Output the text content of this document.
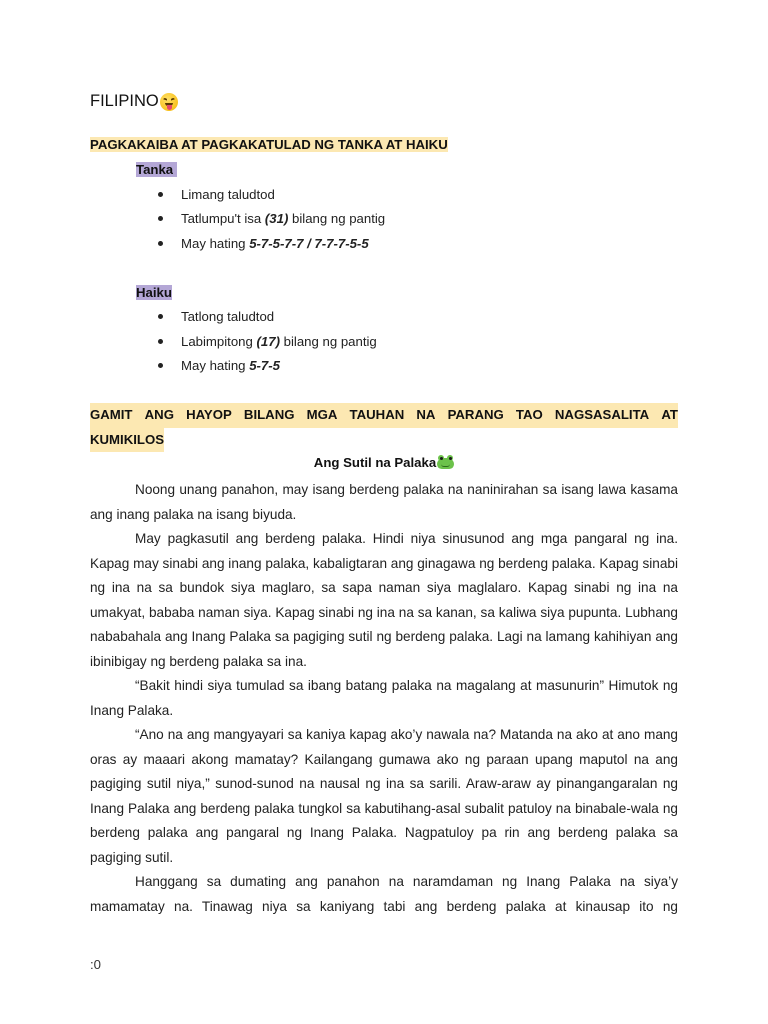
FILIPINO
PAGKAKAIBA AT PAGKAKATULAD NG TANKA AT HAIKU
Tanka
Limang taludtod
Tatlumpu't isa (31) bilang ng pantig
May hating 5-7-5-7-7 / 7-7-7-5-5
Haiku
Tatlong taludtod
Labimpitong (17) bilang ng pantig
May hating 5-7-5
GAMIT ANG HAYOP BILANG MGA TAUHAN NA PARANG TAO NAGSASALITA AT
KUMIKILOS
Ang Sutil na Palaka

Noong unang panahon, may isang berdeng palaka na naninirahan sa isang lawa kasama ang inang palaka na isang biyuda.

May pagkasutil ang berdeng palaka. Hindi niya sinusunod ang mga pangaral ng ina. Kapag may sinabi ang inang palaka, kabaligtaran ang ginagawa ng berdeng palaka. Kapag sinabi ng ina na sa bundok siya maglaro, sa sapa naman siya maglalaro. Kapag sinabi ng ina na umakyat, bababa naman siya. Kapag sinabi ng ina na sa kanan, sa kaliwa siya pupunta. Lubhang nababahala ang Inang Palaka sa pagiging sutil ng berdeng palaka. Lagi na lamang kahihiyan ang ibinibigay ng berdeng palaka sa ina.

“Bakit hindi siya tumulad sa ibang batang palaka na magalang at masunurin” Himutok ng Inang Palaka.

“Ano na ang mangyayari sa kaniya kapag ako’y nawala na? Matanda na ako at ano mang oras ay maaari akong mamatay? Kailangang gumawa ako ng paraan upang maputol na ang pagiging sutil niya,” sunod-sunod na nausal ng ina sa sarili. Araw-araw ay pinangangaralan ng Inang Palaka ang berdeng palaka tungkol sa kabutihang-asal subalit patuloy na binabale-wala ng berdeng palaka ang pangaral ng Inang Palaka. Nagpatuloy pa rin ang berdeng palaka sa pagiging sutil.

Hanggang sa dumating ang panahon na naramdaman ng Inang Palaka na siya’y mamamatay na. Tinawag niya sa kaniyang tabi ang berdeng palaka at kinausap ito ng

:0
